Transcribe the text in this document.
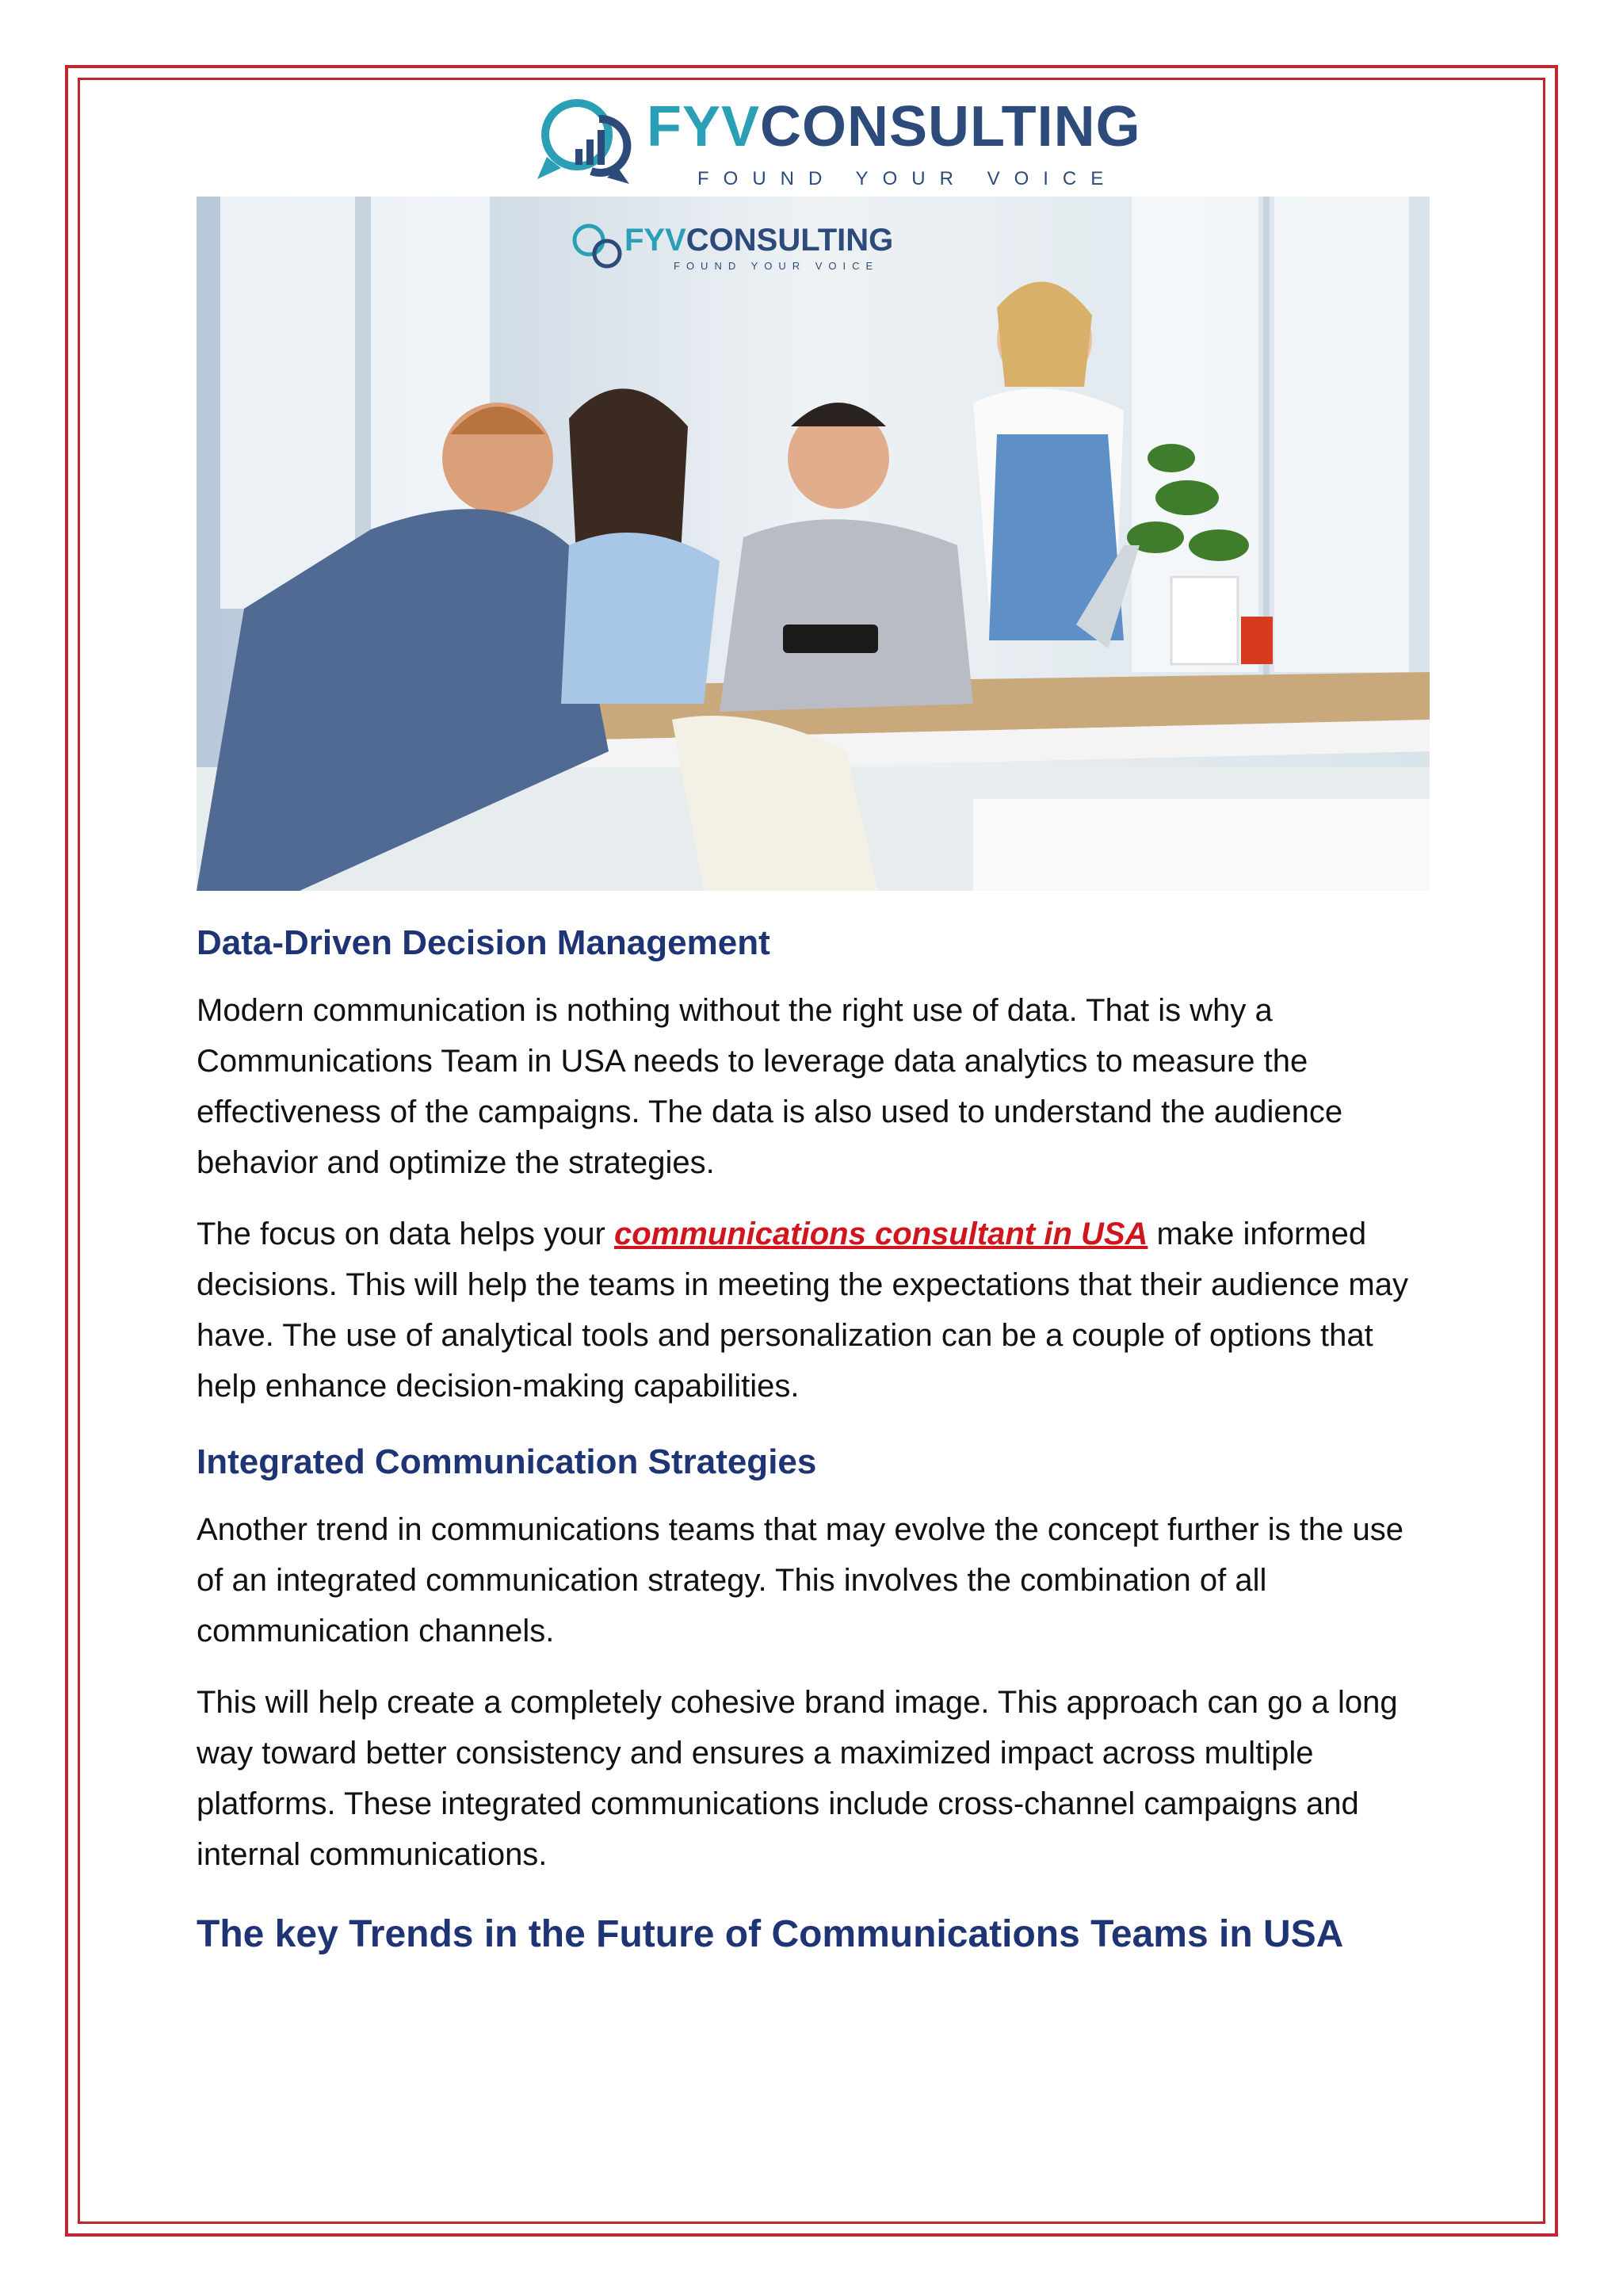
FYVCONSULTING
FOUND YOUR VOICE
FYVCONSULTING
FOUND YOUR VOICE
Data-Driven Decision Management

Modern communication is nothing without the right use of data. That is why a Communications Team in USA needs to leverage data analytics to measure the effectiveness of the campaigns. The data is also used to understand the audience behavior and optimize the strategies.

The focus on data helps your communications consultant in USA make informed decisions. This will help the teams in meeting the expectations that their audience may have. The use of analytical tools and personalization can be a couple of options that help enhance decision-making capabilities.

Integrated Communication Strategies

Another trend in communications teams that may evolve the concept further is the use of an integrated communication strategy. This involves the combination of all communication channels.

This will help create a completely cohesive brand image. This approach can go a long way toward better consistency and ensures a maximized impact across multiple platforms. These integrated communications include cross-channel campaigns and internal communications.

The key Trends in the Future of Communications Teams in USA
